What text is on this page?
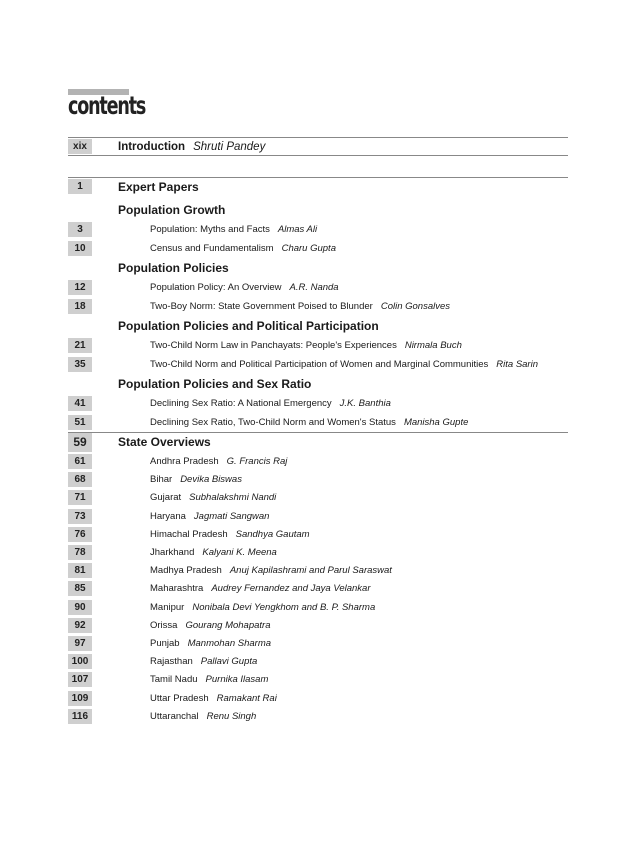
contents
xix	Introduction Shruti Pandey
1	Expert Papers
Population Growth
3	Population: Myths and Facts Almas Ali
10	Census and Fundamentalism Charu Gupta
Population Policies
12	Population Policy: An Overview A.R. Nanda
18	Two-Boy Norm: State Government Poised to Blunder Colin Gonsalves
Population Policies and Political Participation
21	Two-Child Norm Law in Panchayats: People's Experiences Nirmala Buch
35	Two-Child Norm and Political Participation of Women and Marginal Communities Rita Sarin
Population Policies and Sex Ratio
41	Declining Sex Ratio: A National Emergency J.K. Banthia
51	Declining Sex Ratio, Two-Child Norm and Women's Status Manisha Gupte
59	State Overviews
61	Andhra Pradesh G. Francis Raj
68	Bihar Devika Biswas
71	Gujarat Subhalakshmi Nandi
73	Haryana Jagmati Sangwan
76	Himachal Pradesh Sandhya Gautam
78	Jharkhand Kalyani K. Meena
81	Madhya Pradesh Anuj Kapilashrami and Parul Saraswat
85	Maharashtra Audrey Fernandez and Jaya Velankar
90	Manipur Nonibala Devi Yengkhom and B. P. Sharma
92	Orissa Gourang Mohapatra
97	Punjab Manmohan Sharma
100	Rajasthan Pallavi Gupta
107	Tamil Nadu Purnika Ilasam
109	Uttar Pradesh Ramakant Rai
116	Uttaranchal Renu Singh
